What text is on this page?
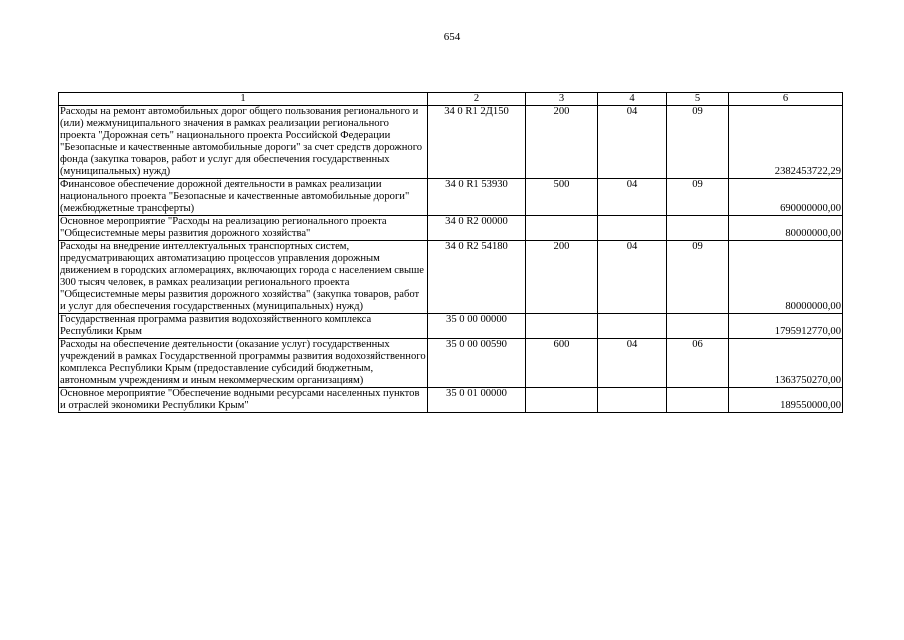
654
1	2	3	4	5	6
Расходы на ремонт автомобильных дорог общего пользования регионального и (или) межмуниципального значения в рамках реализации регионального проекта "Дорожная сеть" национального проекта Российской Федерации "Безопасные и качественные автомобильные дороги" за счет средств дорожного фонда (закупка товаров, работ и услуг для обеспечения государственных (муниципальных) нужд)	34 0 R1 2Д150	200	04	09	2382453722,29
Финансовое обеспечение дорожной деятельности в рамках реализации национального проекта "Безопасные и качественные автомобильные дороги" (межбюджетные трансферты)	34 0 R1 53930	500	04	09	690000000,00
Основное мероприятие "Расходы на реализацию регионального проекта "Общесистемные меры развития дорожного хозяйства"	34 0 R2 00000				80000000,00
Расходы на внедрение интеллектуальных транспортных систем, предусматривающих автоматизацию процессов управления дорожным движением в городских агломерациях, включающих города с населением свыше 300 тысяч человек, в рамках реализации регионального проекта "Общесистемные меры развития дорожного хозяйства" (закупка товаров, работ и услуг для обеспечения государственных (муниципальных) нужд)	34 0 R2 54180	200	04	09	80000000,00
Государственная программа развития водохозяйственного комплекса Республики Крым	35 0 00 00000				1795912770,00
Расходы на обеспечение деятельности (оказание услуг) государственных учреждений в рамках Государственной программы развития водохозяйственного комплекса Республики Крым (предоставление субсидий бюджетным, автономным учреждениям и иным некоммерческим организациям)	35 0 00 00590	600	04	06	1363750270,00
Основное мероприятие "Обеспечение водными ресурсами населенных пунктов и отраслей экономики Республики Крым"	35 0 01 00000				189550000,00
